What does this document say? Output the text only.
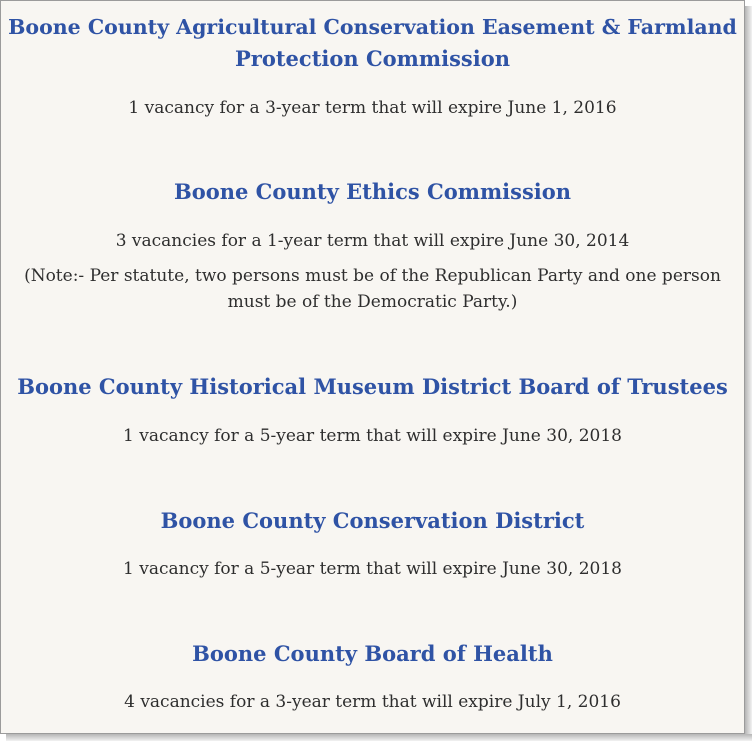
Boone County Agricultural Conservation Easement & Farmland
Protection Commission
1 vacancy for a 3-year term that will expire June 1, 2016
Boone County Ethics Commission
3 vacancies for a 1-year term that will expire June 30, 2014
(Note:- Per statute, two persons must be of the Republican Party and one person
must be of the Democratic Party.)
Boone County Historical Museum District Board of Trustees
1 vacancy for a 5-year term that will expire June 30, 2018
Boone County Conservation District
1 vacancy for a 5-year term that will expire June 30, 2018
Boone County Board of Health
4 vacancies for a 3-year term that will expire July 1, 2016
